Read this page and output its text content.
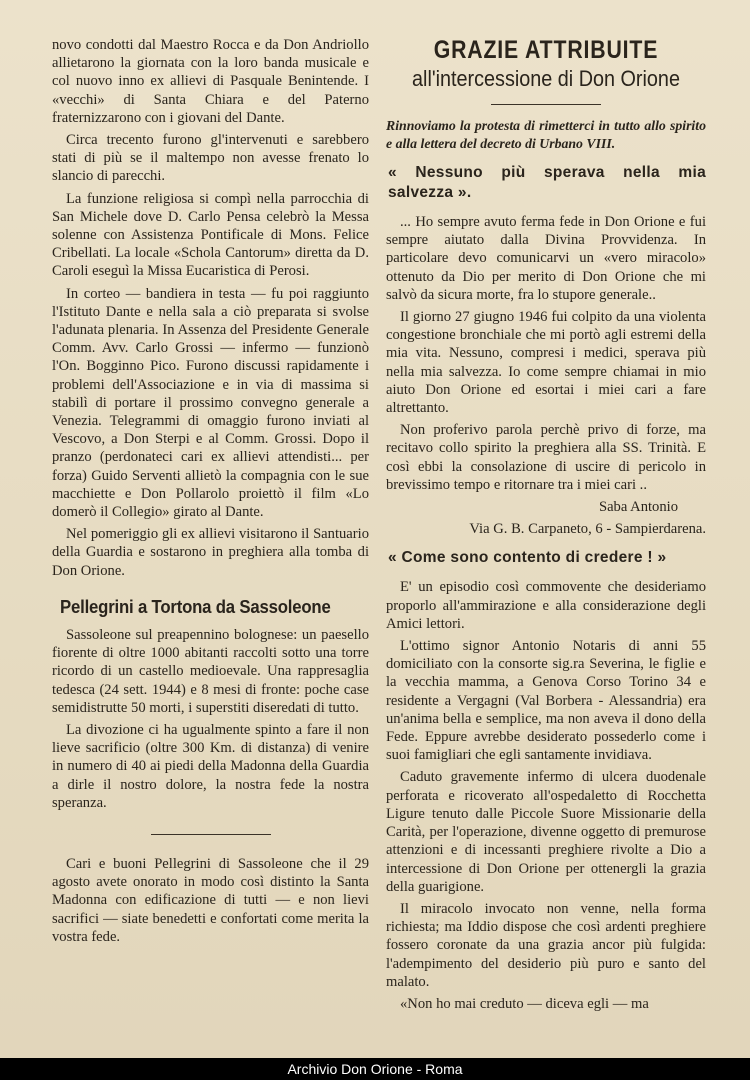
novo condotti dal Maestro Rocca e da Don Andriollo allietarono la giornata con la loro banda musicale e col nuovo inno ex allievi di Pasquale Benintende. I «vecchi» di Santa Chiara e del Paterno fraternizzarono con i giovani del Dante.

Circa trecento furono gl'intervenuti e sarebbero stati di più se il maltempo non avesse frenato lo slancio di parecchi.

La funzione religiosa si compì nella parrocchia di San Michele dove D. Carlo Pensa celebrò la Messa solenne con Assistenza Pontificale di Mons. Felice Cribellati. La locale «Schola Cantorum» diretta da D. Caroli eseguì la Missa Eucaristica di Perosi.

In corteo — bandiera in testa — fu poi raggiunto l'Istituto Dante e nella sala a ciò preparata si svolse l'adunata plenaria. In Assenza del Presidente Generale Comm. Avv. Carlo Grossi — infermo — funzionò l'On. Bogginno Pico. Furono discussi rapidamente i problemi dell'Associazione e in via di massima si stabilì di portare il prossimo convegno generale a Venezia. Telegrammi di omaggio furono inviati al Vescovo, a Don Sterpi e al Comm. Grossi. Dopo il pranzo (perdonateci cari ex allievi attendisti... per forza) Guido Serventi allietò la compagnia con le sue macchiette e Don Pollarolo proiettò il film «Lo domerò il Collegio» girato al Dante.

Nel pomeriggio gli ex allievi visitarono il Santuario della Guardia e sostarono in preghiera alla tomba di Don Orione.

Pellegrini a Tortona da Sassoleone

Sassoleone sul preapennino bolognese: un paesello fiorente di oltre 1000 abitanti raccolti sotto una torre ricordo di un castello medioevale. Una rappresaglia tedesca (24 sett. 1944) e 8 mesi di fronte: poche case semidistrutte 50 morti, i superstiti diseredati di tutto.

La divozione ci ha ugualmente spinto a fare il non lieve sacrificio (oltre 300 Km. di distanza) di venire in numero di 40 ai piedi della Madonna della Guardia a dirle il nostro dolore, la nostra fede la nostra speranza.

Cari e buoni Pellegrini di Sassoleone che il 29 agosto avete onorato in modo così distinto la Santa Madonna con edificazione di tutti — e non lievi sacrifici — siate benedetti e confortati come merita la vostra fede.

GRAZIE ATTRIBUITE
all'intercessione di Don Orione

Rinnoviamo la protesta di rimetterci in tutto allo spirito e alla lettera del decreto di Urbano VIII.

« Nessuno più sperava nella mia salvezza ».

... Ho sempre avuto ferma fede in Don Orione e fui sempre aiutato dalla Divina Provvidenza. In particolare devo comunicarvi un «vero miracolo» ottenuto da Dio per merito di Don Orione che mi salvò da sicura morte, fra lo stupore generale..

Il giorno 27 giugno 1946 fui colpito da una violenta congestione bronchiale che mi portò agli estremi della mia vita. Nessuno, compresi i medici, sperava più nella mia salvezza. Io come sempre chiamai in mio aiuto Don Orione ed esortai i miei cari a fare altrettanto.

Non proferivo parola perchè privo di forze, ma recitavo collo spirito la preghiera alla SS. Trinità. E così ebbi la consolazione di uscire di pericolo in brevissimo tempo e ritornare tra i miei cari ..

Saba Antonio

Via G. B. Carpaneto, 6 - Sampierdarena.

« Come sono contento di credere ! »

E' un episodio così commovente che desideriamo proporlo all'ammirazione e alla considerazione degli Amici lettori.

L'ottimo signor Antonio Notaris di anni 55 domiciliato con la consorte sig.ra Severina, le figlie e la vecchia mamma, a Genova Corso Torino 34 e residente a Vergagni (Val Borbera - Alessandria) era un'anima bella e semplice, ma non aveva il dono della Fede. Eppure avrebbe desiderato possederlo come i suoi famigliari che egli santamente invidiava.

Caduto gravemente infermo di ulcera duodenale perforata e ricoverato all'ospedaletto di Rocchetta Ligure tenuto dalle Piccole Suore Missionarie della Carità, per l'operazione, divenne oggetto di premurose attenzioni e di incessanti preghiere rivolte a Dio a intercessione di Don Orione per ottenergli la grazia della guarigione.

Il miracolo invocato non venne, nella forma richiesta; ma Iddio dispose che così ardenti preghiere fossero coronate da una grazia ancor più fulgida: l'adempimento del desiderio più puro e santo del malato.

«Non ho mai creduto — diceva egli — ma

Archivio Don Orione - Roma
